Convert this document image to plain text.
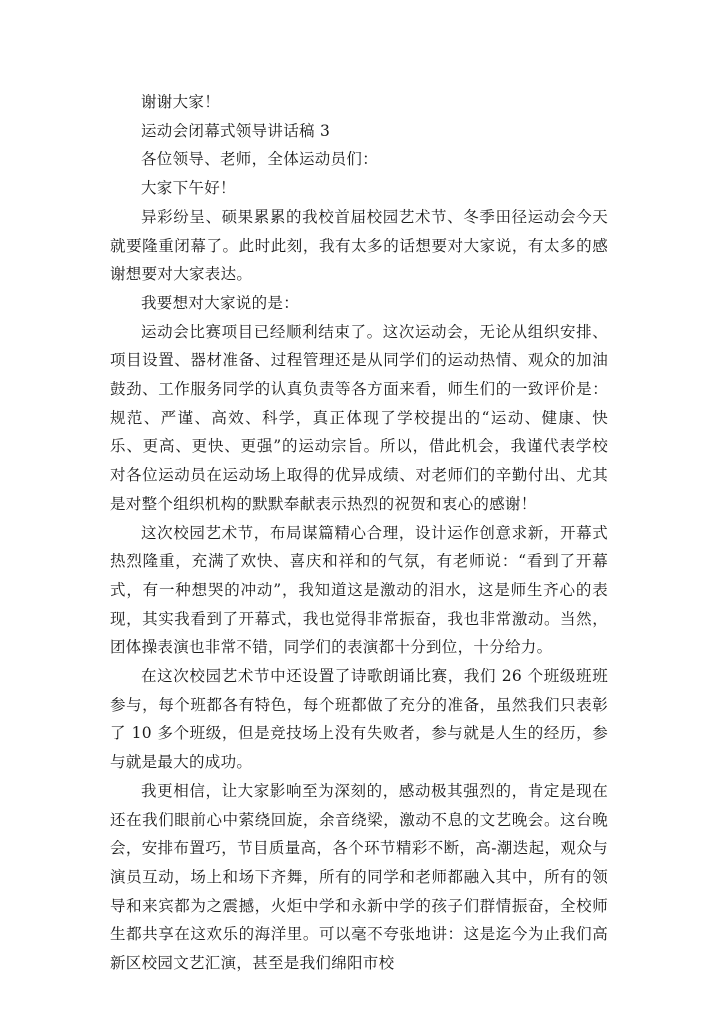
谢谢大家！

运动会闭幕式领导讲话稿 3

各位领导、老师，全体运动员们：

大家下午好！

异彩纷呈、硕果累累的我校首届校园艺术节、冬季田径运动会今天就要隆重闭幕了。此时此刻，我有太多的话想要对大家说，有太多的感谢想要对大家表达。

我要想对大家说的是：

运动会比赛项目已经顺利结束了。这次运动会，无论从组织安排、项目设置、器材准备、过程管理还是从同学们的运动热情、观众的加油鼓劲、工作服务同学的认真负责等各方面来看，师生们的一致评价是：规范、严谨、高效、科学，真正体现了学校提出的“运动、健康、快乐、更高、更快、更强”的运动宗旨。所以，借此机会，我谨代表学校对各位运动员在运动场上取得的优异成绩、对老师们的辛勤付出、尤其是对整个组织机构的默默奉献表示热烈的祝贺和衷心的感谢！

这次校园艺术节，布局谋篇精心合理，设计运作创意求新，开幕式热烈隆重，充满了欢快、喜庆和祥和的气氛，有老师说：“看到了开幕式，有一种想哭的冲动”，我知道这是激动的泪水，这是师生齐心的表现，其实我看到了开幕式，我也觉得非常振奋，我也非常激动。当然，团体操表演也非常不错，同学们的表演都十分到位，十分给力。

在这次校园艺术节中还设置了诗歌朗诵比赛，我们 26 个班级班班参与，每个班都各有特色，每个班都做了充分的准备，虽然我们只表彰了 10 多个班级，但是竞技场上没有失败者，参与就是人生的经历，参与就是最大的成功。

我更相信，让大家影响至为深刻的，感动极其强烈的，肯定是现在还在我们眼前心中萦绕回旋，余音绕梁，激动不息的文艺晚会。这台晚会，安排布置巧，节目质量高，各个环节精彩不断，高-潮迭起，观众与演员互动，场上和场下齐舞，所有的同学和老师都融入其中，所有的领导和来宾都为之震撼，火炬中学和永新中学的孩子们群情振奋，全校师生都共享在这欢乐的海洋里。可以毫不夸张地讲：这是迄今为止我们高新区校园文艺汇演，甚至是我们绵阳市校
